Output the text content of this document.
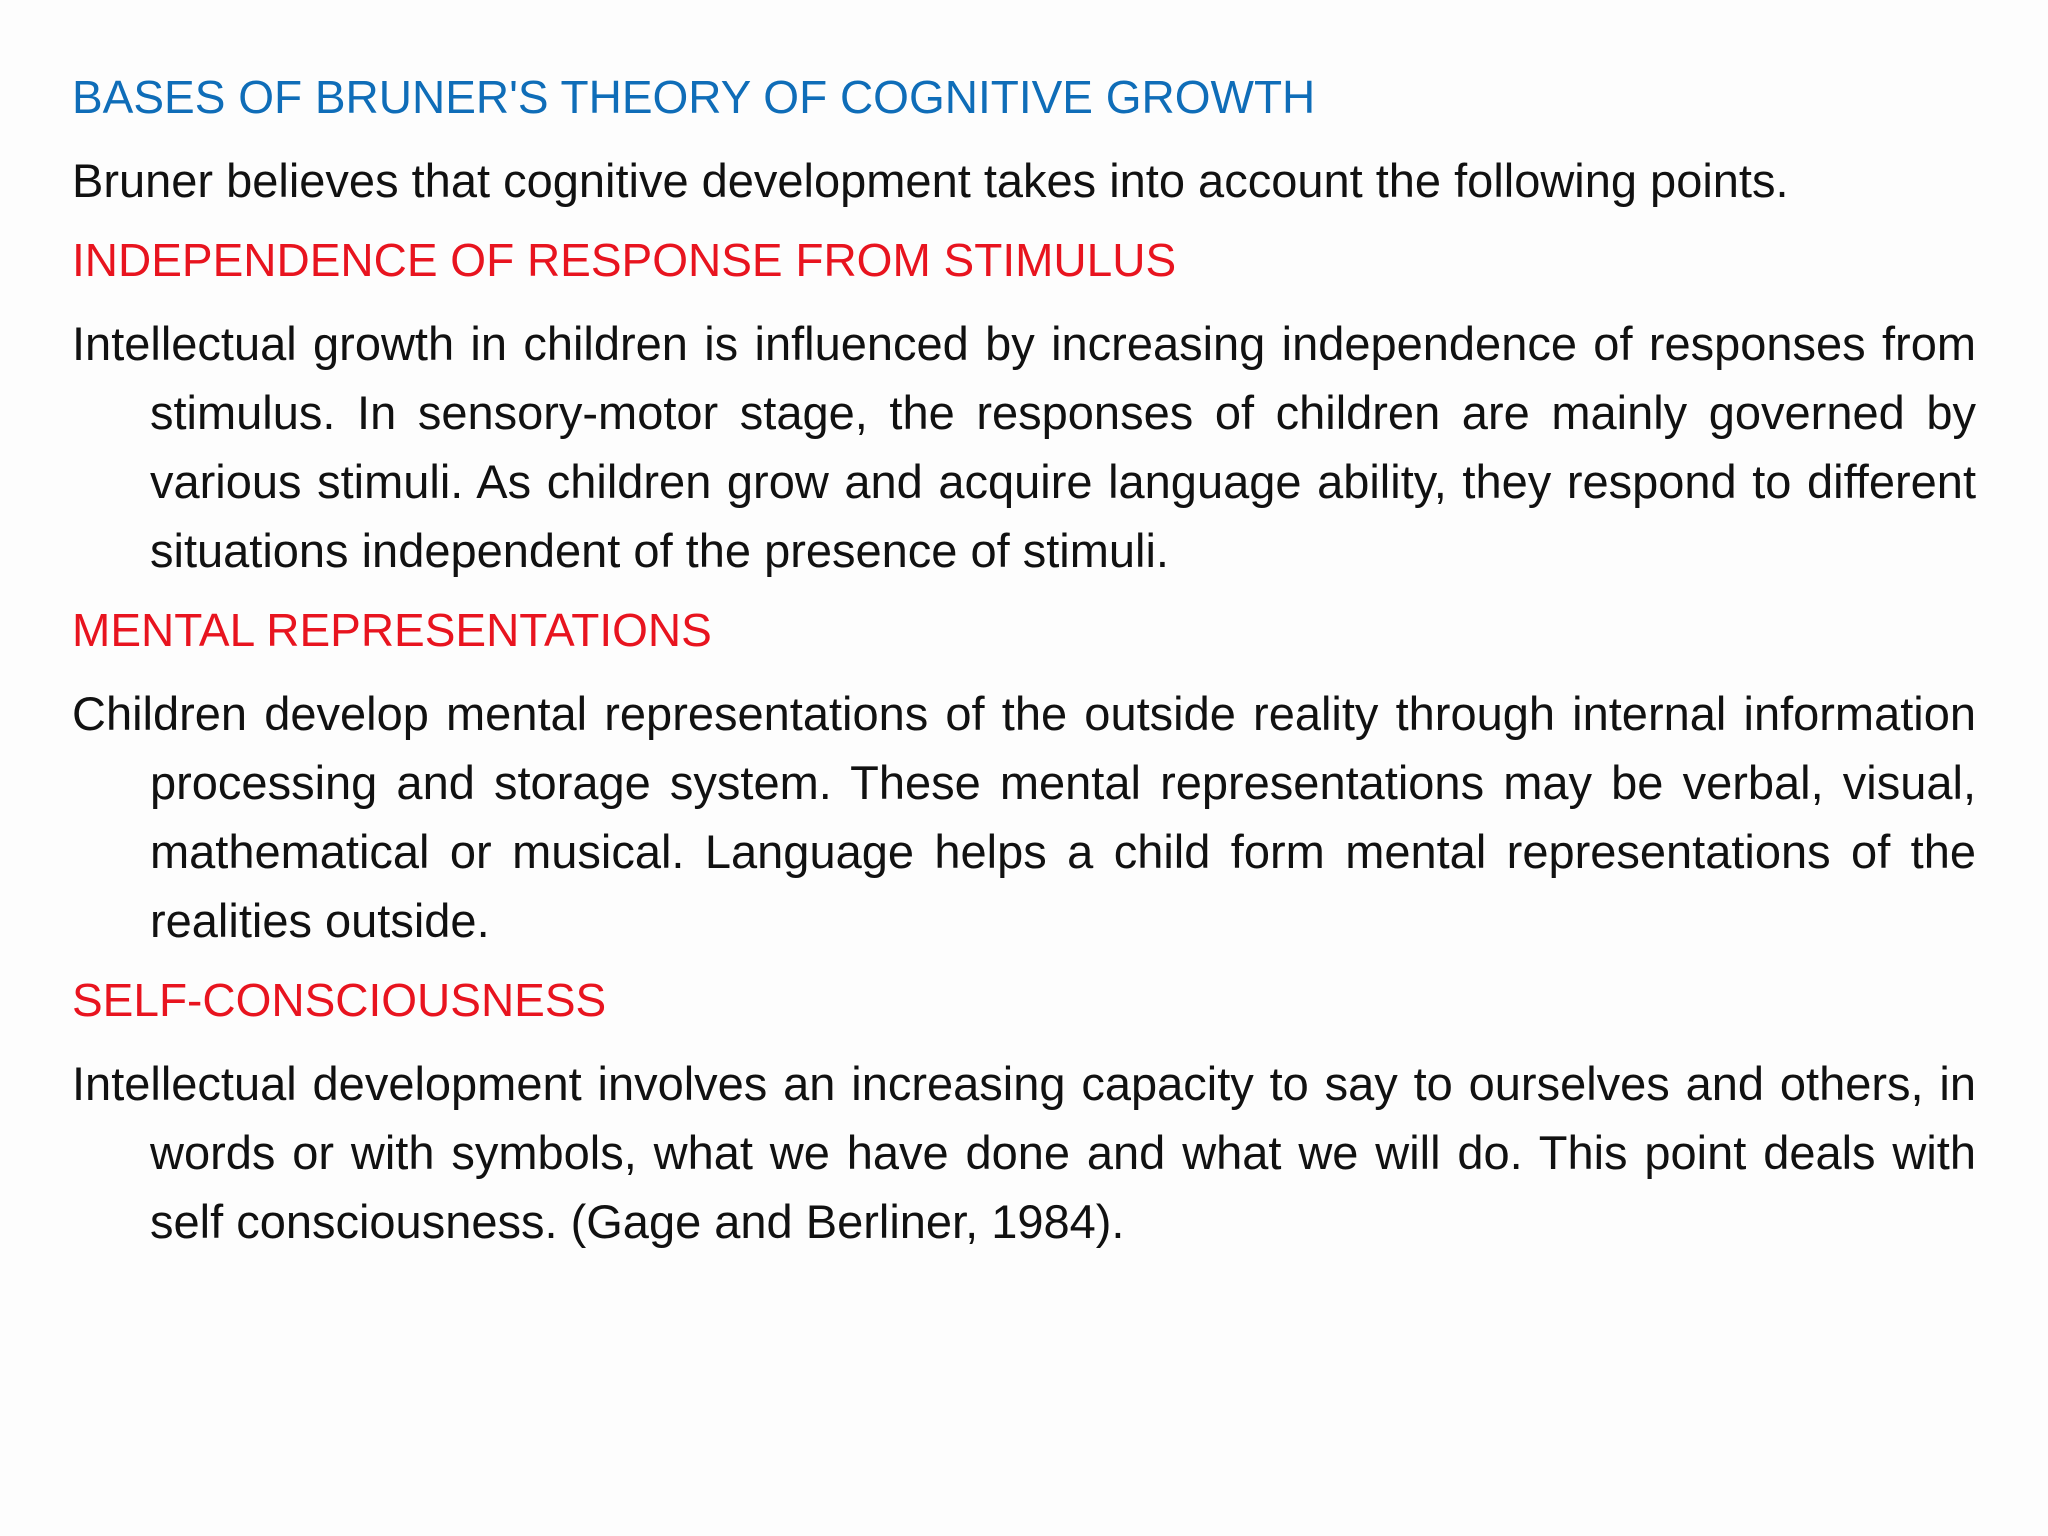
BASES OF BRUNER'S THEORY OF COGNITIVE GROWTH
Bruner believes that cognitive development takes into account the following points.
INDEPENDENCE OF RESPONSE FROM STIMULUS
Intellectual growth in children is influenced by increasing independence of responses from stimulus. In sensory-motor stage, the responses of children are mainly governed by various stimuli. As children grow and acquire language ability, they respond to different situations independent of the presence of stimuli.
MENTAL REPRESENTATIONS
Children develop mental representations of the outside reality through internal information processing and storage system. These mental representations may be verbal, visual, mathematical or musical. Language helps a child form mental representations of the realities outside.
SELF-CONSCIOUSNESS
Intellectual development involves an increasing capacity to say to ourselves and others, in words or with symbols, what we have done and what we will do. This point deals with self consciousness. (Gage and Berliner, 1984).
